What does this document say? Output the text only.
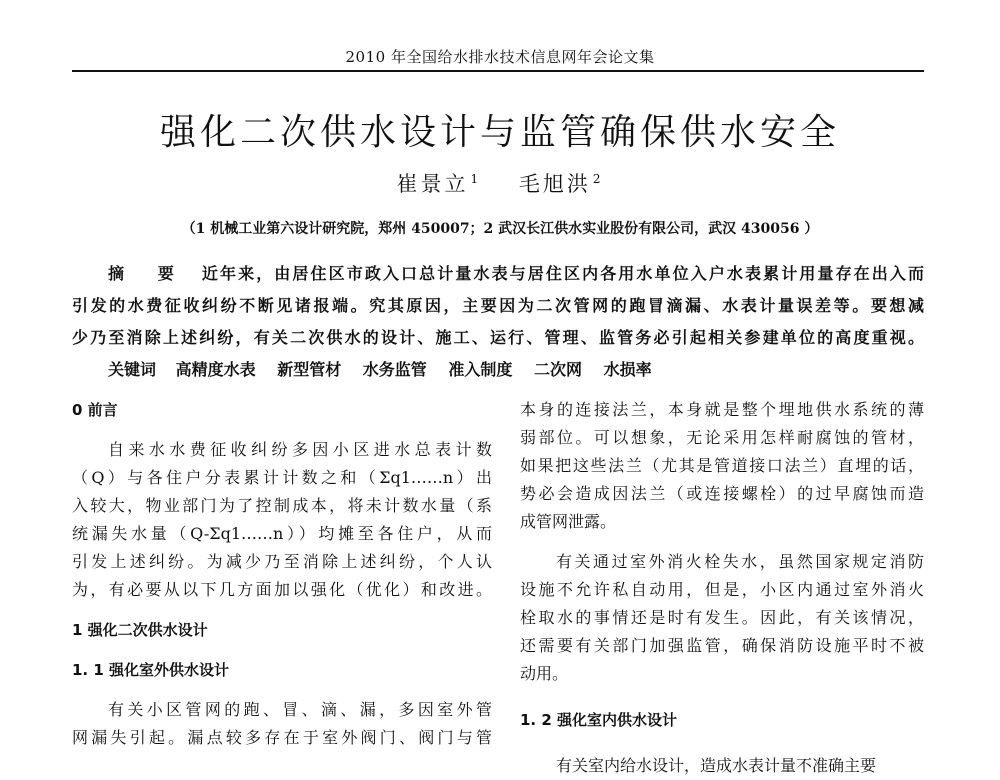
2010 年全国给水排水技术信息网年会论文集
强化二次供水设计与监管确保供水安全
崔景立 $^1$ 毛旭洪 $^2$
（1 机械工业第六设计研究院，郑州 450007；2 武汉长江供水实业股份有限公司，武汉 430056 ）
摘 要 近年来，由居住区市政入口总计量水表与居住区内各用水单位入户水表累计用量存在出入而
引发的水费征收纠纷不断见诸报端。究其原因，主要因为二次管网的跑冒滴漏、水表计量误差等。要想减
少乃至消除上述纠纷，有关二次供水的设计、施工、运行、管理、监管务必引起相关参建单位的高度重视。
关键词 高精度水表 新型管材 水务监管 准入制度 二次网 水损率
0 前言
自来水水费征收纠纷多因小区进水总表计数
（Q）与各住户分表累计计数之和（Σq1……n）出
入较大，物业部门为了控制成本，将未计数水量（系
统漏失水量（Q-Σq1……n））均摊至各住户，从而
引发上述纠纷。为减少乃至消除上述纠纷，个人认
为，有必要从以下几方面加以强化（优化）和改进。
1 强化二次供水设计
1. 1 强化室外供水设计
有关小区管网的跑、冒、滴、漏，多因室外管
网漏失引起。漏点较多存在于室外阀门、阀门与管
本身的连接法兰，本身就是整个埋地供水系统的薄
弱部位。可以想象，无论采用怎样耐腐蚀的管材，
如果把这些法兰（尤其是管道接口法兰）直埋的话，
势必会造成因法兰（或连接螺栓）的过早腐蚀而造
成管网泄露。
有关通过室外消火栓失水，虽然国家规定消防
设施不允许私自动用，但是，小区内通过室外消火
栓取水的事情还是时有发生。因此，有关该情况，
还需要有关部门加强监管，确保消防设施平时不被
动用。
1. 2 强化室内供水设计
有关室内给水设计，造成水表计量不准确主要
